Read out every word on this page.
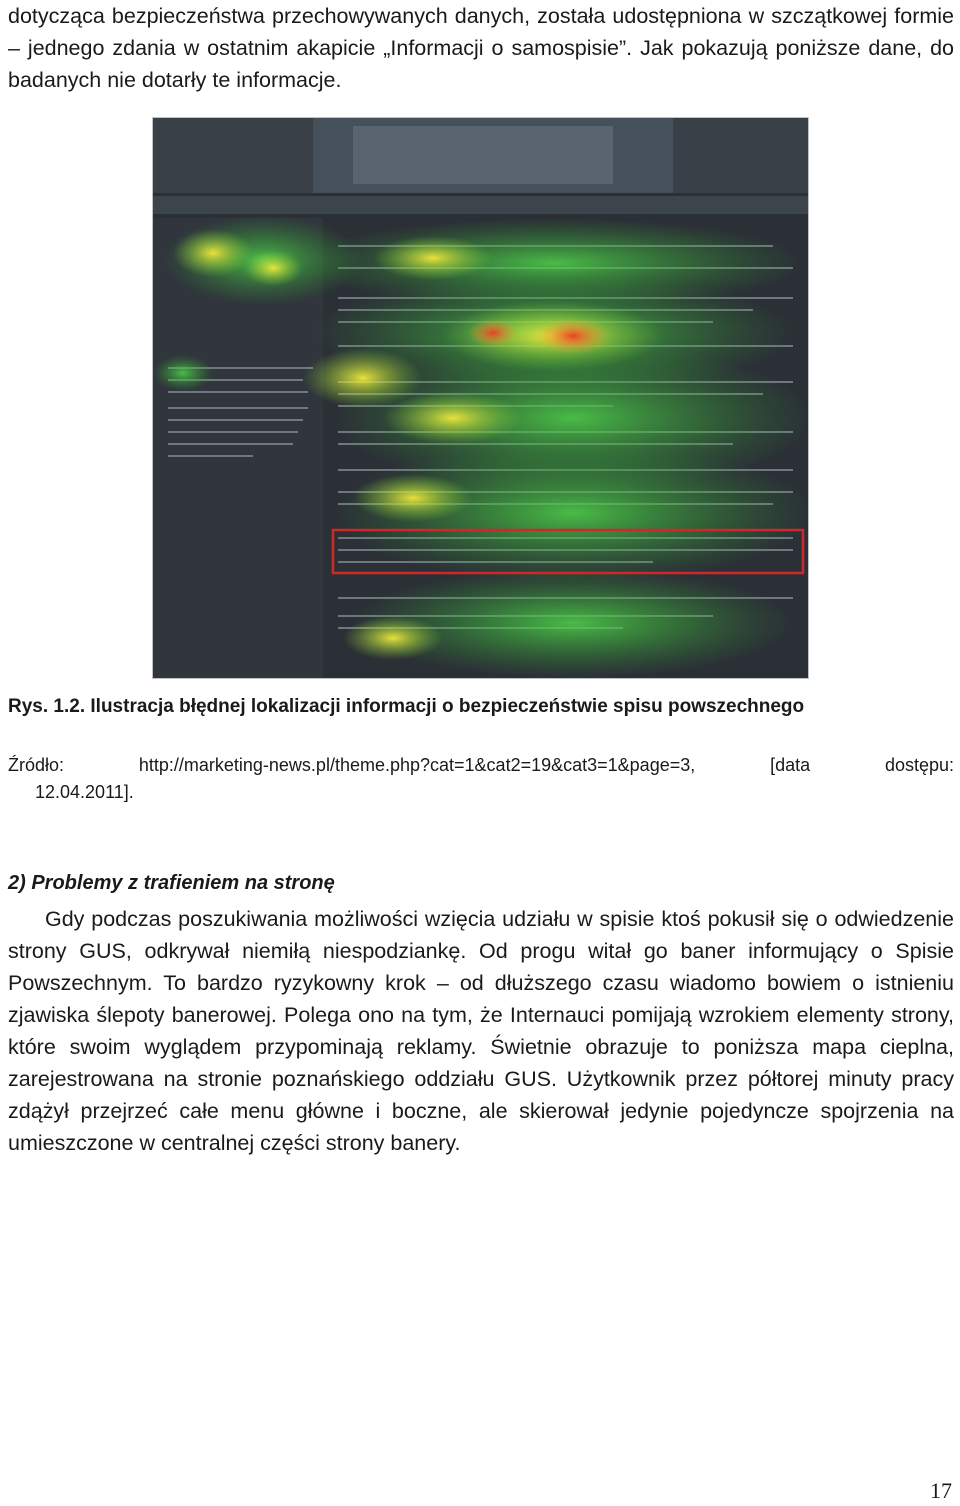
dotycząca bezpieczeństwa przechowywanych danych, została udostępniona w szczątkowej formie – jednego zdania w ostatnim akapicie „Informacji o samospisie”. Jak pokazują poniższe dane, do badanych nie dotarły te informacje.

Rys. 1.2. Ilustracja błędnej lokalizacji informacji o bezpieczeństwie spisu powszechnego

Źródło:	http://marketing-news.pl/theme.php?cat=1&cat2=19&cat3=1&page=3,	[data	dostępu:
12.04.2011].

2) Problemy z trafieniem na stronę

Gdy podczas poszukiwania możliwości wzięcia udziału w spisie ktoś pokusił się o odwiedzenie strony GUS, odkrywał niemiłą niespodziankę. Od progu witał go baner informujący o Spisie Powszechnym. To bardzo ryzykowny krok – od dłuższego czasu wiadomo bowiem o istnieniu zjawiska ślepoty banerowej. Polega ono na tym, że Internauci pomijają wzrokiem elementy strony, które swoim wyglądem przypominają reklamy. Świetnie obrazuje to poniższa mapa cieplna, zarejestrowana na stronie poznańskiego oddziału GUS. Użytkownik przez półtorej minuty pracy zdążył przejrzeć całe menu główne i boczne, ale skierował jedynie pojedyncze spojrzenia na umieszczone w centralnej części strony banery.

17
